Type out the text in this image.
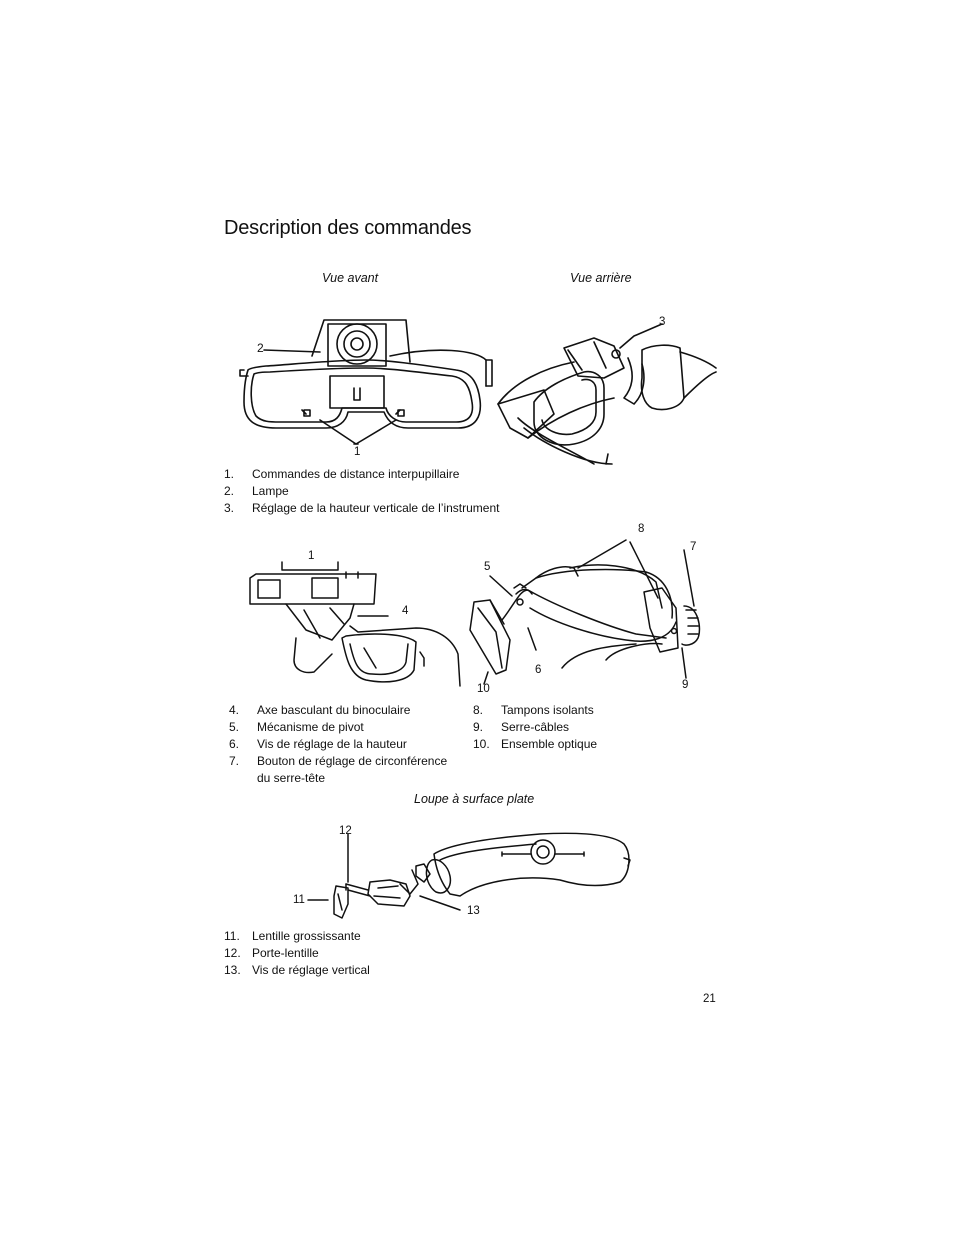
Description des commandes
Vue avant	Vue arrière
2
1
3
1.	Commandes de distance interpupillaire
2.	Lampe
3.	Réglage de la hauteur verticale de l’instrument
1
4
8
7
5
6
9
10
4.	Axe basculant du binoculaire
5.	Mécanisme de pivot
6.	Vis de réglage de la hauteur
7.	Bouton de réglage de circonférence
du serre-tête
8.	Tampons isolants
9.	Serre-câbles
10. Ensemble optique
Loupe à surface plate
12
11
13
11.	Lentille grossissante
12. Porte-lentille
13. Vis de réglage vertical
21
